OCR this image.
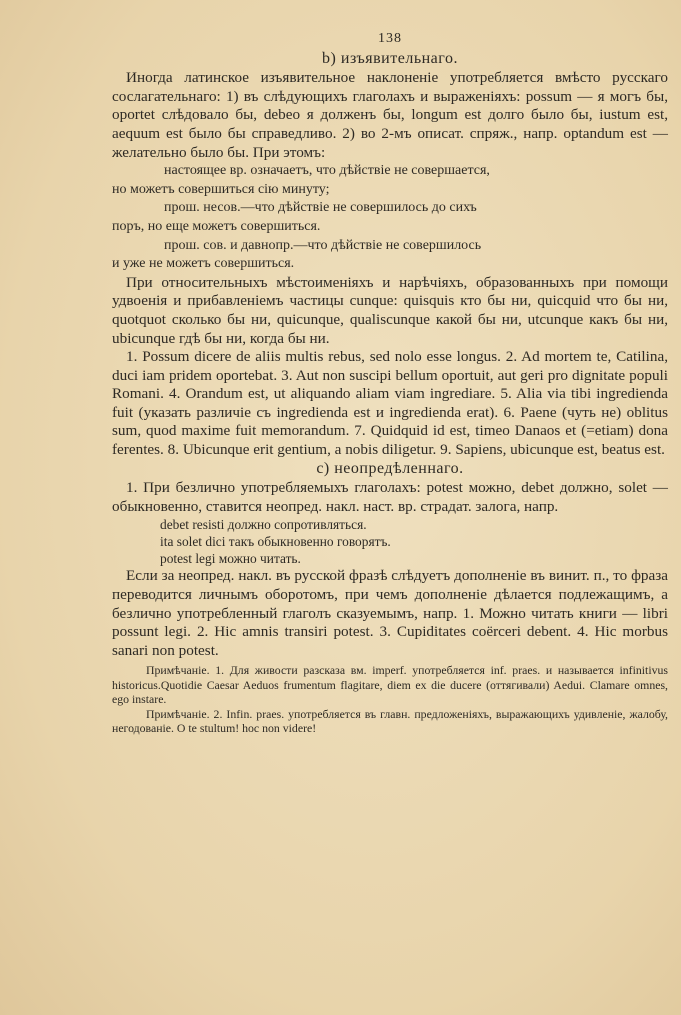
138
b) изъявительнаго.

Иногда латинское изъявительное наклоненіе употребляется вмѣсто русскаго сослагательнаго: 1) въ слѣдующихъ глаголахъ и выраженіяхъ: possum — я могъ бы, oportet слѣдовало бы, debeo я долженъ бы, longum est долго было бы, iustum est, aequum est было бы справедливо. 2) во 2-мъ описат. спряж., напр. optandum est — желательно было бы. При этомъ:

настоящее вр. означаетъ, что дѣйствіе не совершается,

но можетъ совершиться сію минуту;

прош. несов.—что дѣйствіе не совершилось до сихъ

поръ, но еще можетъ совершиться.

прош. сов. и давнопр.—что дѣйствіе не совершилось

и уже не можетъ совершиться.

При относительныхъ мѣстоименіяхъ и нарѣчіяхъ, образованныхъ при помощи удвоенія и прибавленіемъ частицы cunque: quisquis кто бы ни, quicquid что бы ни, quotquot сколько бы ни, quicunque, qualiscunque какой бы ни, utcunque какъ бы ни, ubicunque гдѣ бы ни, когда бы ни.

1. Possum dicere de aliis multis rebus, sed nolo esse longus. 2. Ad mortem te, Catilina, duci iam pridem oportebat. 3. Aut non suscipi bellum oportuit, aut geri pro dignitate populi Romani. 4. Orandum est, ut aliquando aliam viam ingrediare. 5. Alia via tibi ingredienda fuit (указать различіе съ ingrediendа est и ingredienda erat). 6. Paene (чуть не) oblitus sum, quod maxime fuit memorandum. 7. Quidquid id est, timeo Danaos et (=etiam) dona ferentes. 8. Ubicunque erit gentium, a nobis diligetur. 9. Sapiens, ubicunque est, beatus est.

c) неопредѣленнаго.

1. При безлично употребляемыхъ глаголахъ: potest можно, debet должно, solet — обыкновенно, ставится неопред. накл. наст. вр. страдат. залога, напр.

debet resisti должно сопротивляться.

ita solet dici такъ обыкновенно говорятъ.

potest legi можно читать.

Если за неопред. накл. въ русской фразѣ слѣдуетъ дополненіе въ винит. п., то фраза переводится личнымъ оборотомъ, при чемъ дополненіе дѣлается подлежащимъ, а безлично употребленный глаголъ сказуемымъ, напр. 1. Можно читать книги — libri possunt legi. 2. Hic amnis transiri potest. 3. Cupiditates coërceri debent. 4. Hic morbus sanari non potest.

Примѣчаніе. 1. Для живости разсказа вм. imperf. употребляется inf. praes. и называется infinitivus historicus.Quotidie Caesar Aeduos frumentum flagitare, diem ex die ducere (оттягивали) Aedui. Clamare omnes, ego instare.

Примѣчаніе. 2. Infin. praes. употребляется въ главн. предложеніяхъ, выражающихъ удивленіе, жалобу, негодованіе. O te stultum! hoc non videre!
